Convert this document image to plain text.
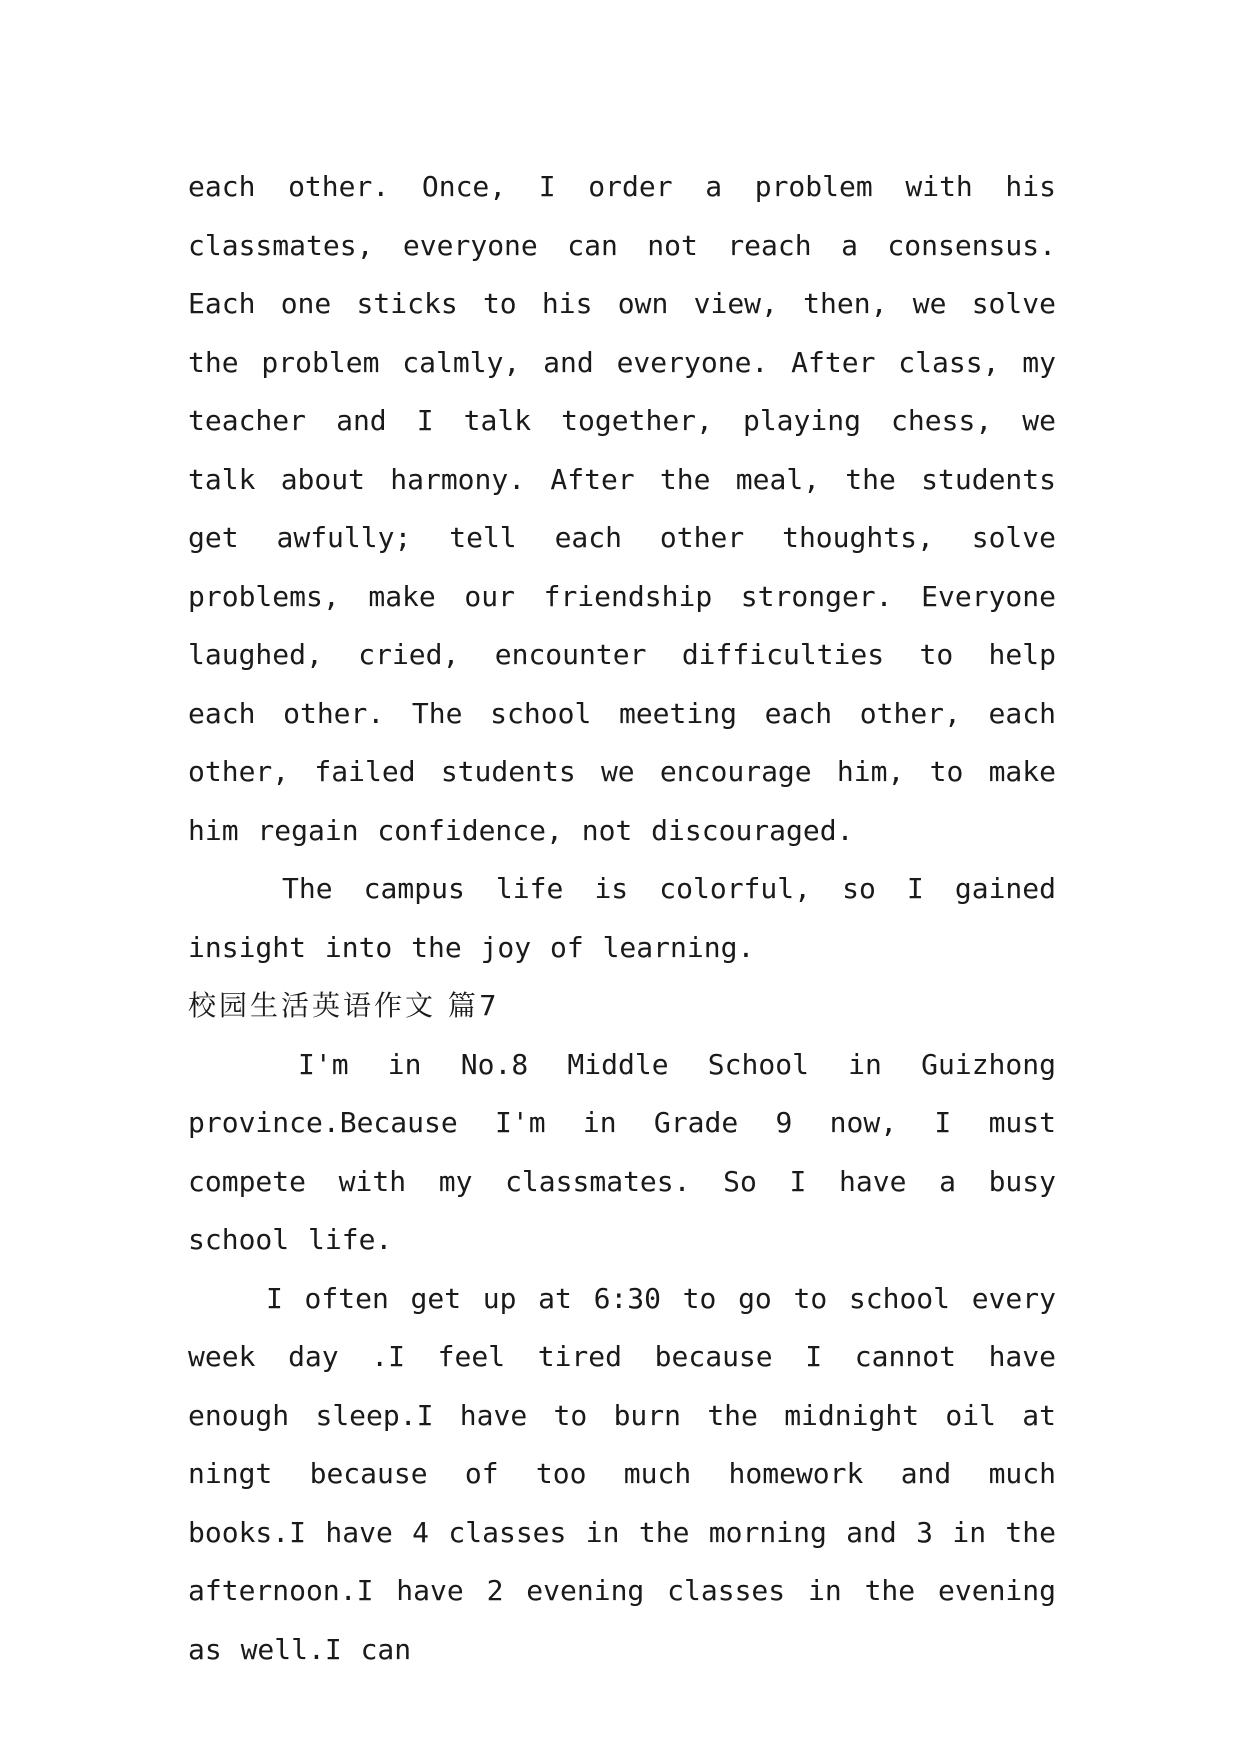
each other. Once, I order a problem with his classmates, everyone can not reach a consensus. Each one sticks to his own view, then, we solve the problem calmly, and everyone. After class, my teacher and I talk together, playing chess, we talk about harmony. After the meal, the students get awfully; tell each other thoughts, solve problems, make our friendship stronger. Everyone laughed, cried, encounter difficulties to help each other. The school meeting each other, each other, failed students we encourage him, to make him regain confidence, not discouraged.

The campus life is colorful, so I gained insight into the joy of learning.

校园生活英语作文 篇7

I'm in No.8 Middle School in Guizhong province.Because I'm in Grade 9 now, I must compete with my classmates. So I have a busy school life.

I often get up at 6:30 to go to school every week day .I feel tired because I cannot have enough sleep.I have to burn the midnight oil at ningt because of too much homework and much books.I have 4 classes in the morning and 3 in the afternoon.I have 2 evening classes in the evening as well.I can
